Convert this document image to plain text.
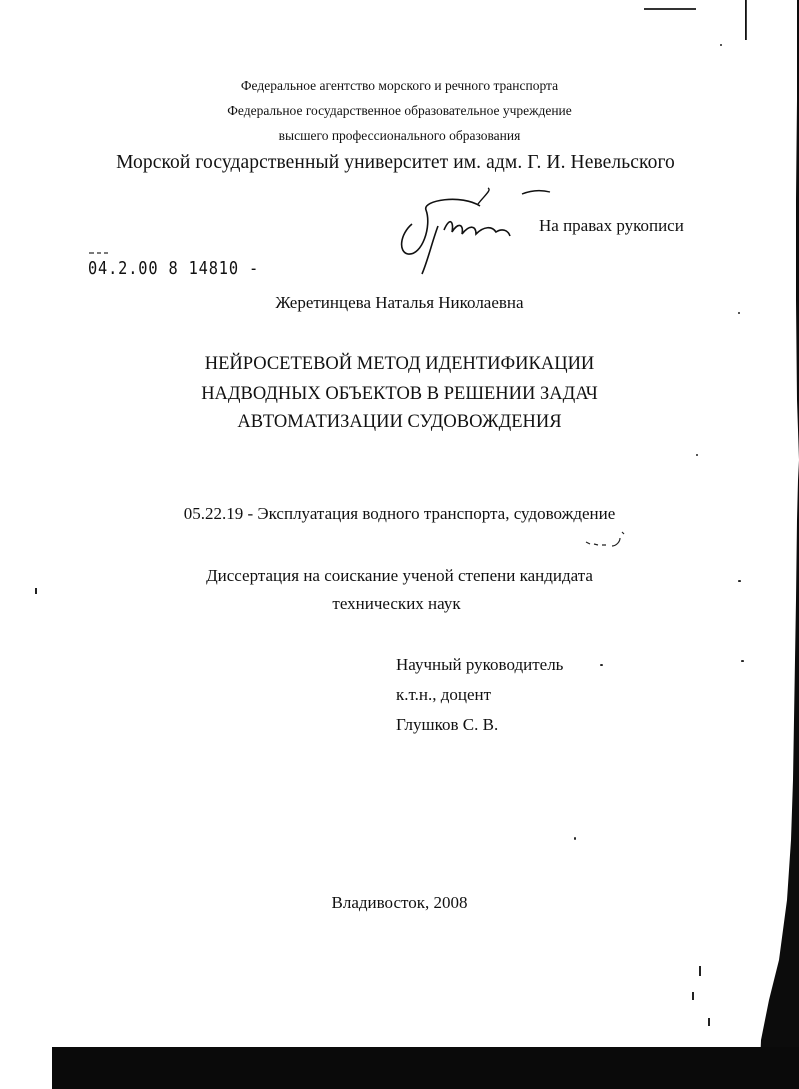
Федеральное агентство морского и речного транспорта
Федеральное государственное образовательное учреждение
высшего профессионального образования
Морской государственный университет им. адм. Г. И. Невельского
На правах рукописи
04.2.00 8 14810 -
Жеретинцева Наталья Николаевна
НЕЙРОСЕТЕВОЙ МЕТОД ИДЕНТИФИКАЦИИ
НАДВОДНЫХ ОБЪЕКТОВ В РЕШЕНИИ ЗАДАЧ
АВТОМАТИЗАЦИИ СУДОВОЖДЕНИЯ
05.22.19 - Эксплуатация водного транспорта, судовождение
Диссертация на соискание ученой степени кандидата
технических наук
Научный руководитель
к.т.н., доцент
Глушков С. В.
Владивосток, 2008
